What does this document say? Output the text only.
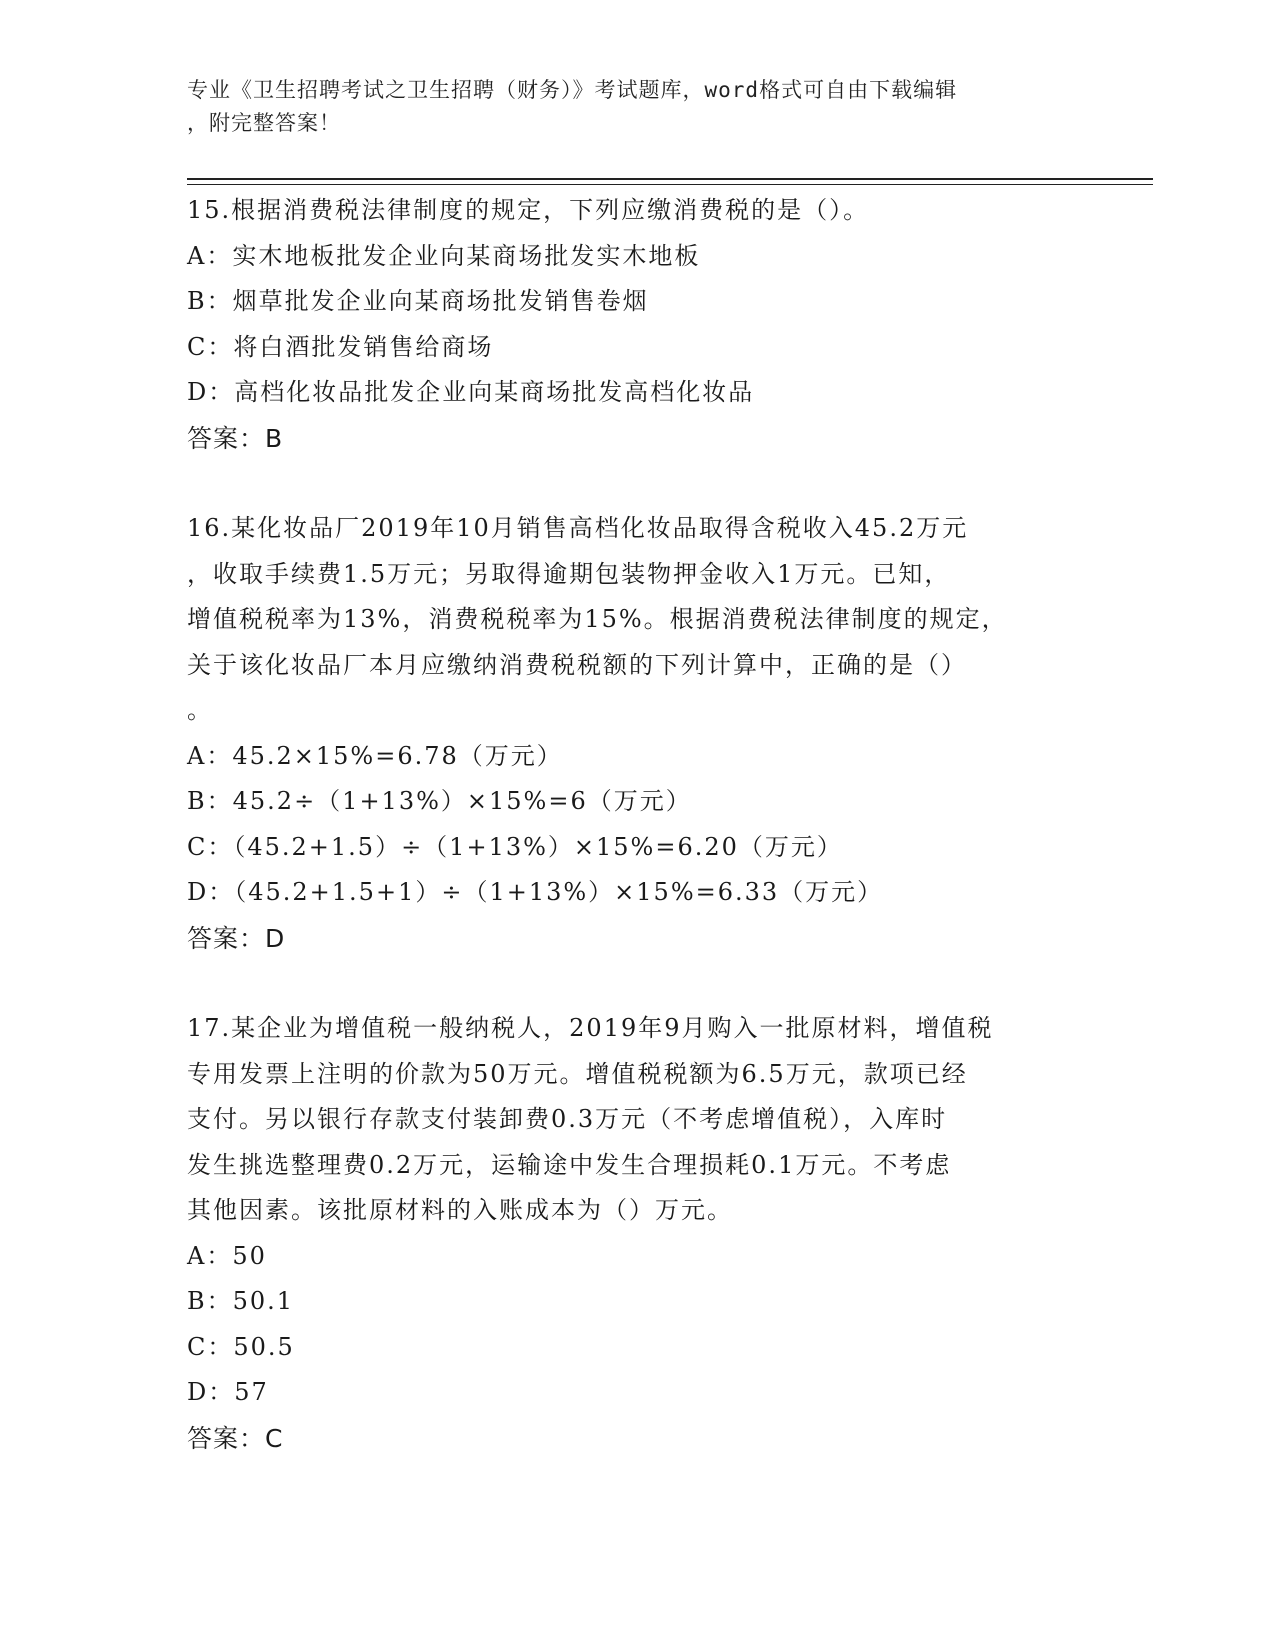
专业《卫生招聘考试之卫生招聘（财务）》考试题库，word格式可自由下载编辑
，附完整答案！
15.根据消费税法律制度的规定，下列应缴消费税的是（）。
A：实木地板批发企业向某商场批发实木地板
B：烟草批发企业向某商场批发销售卷烟
C：将白酒批发销售给商场
D：高档化妆品批发企业向某商场批发高档化妆品
答案：B
16.某化妆品厂2019年10月销售高档化妆品取得含税收入45.2万元
，收取手续费1.5万元；另取得逾期包装物押金收入1万元。已知，
增值税税率为13%，消费税税率为15%。根据消费税法律制度的规定，
关于该化妆品厂本月应缴纳消费税税额的下列计算中，正确的是（）
。
A：45.2×15%=6.78（万元）
B：45.2÷（1+13%）×15%=6（万元）
C：（45.2+1.5）÷（1+13%）×15%=6.20（万元）
D：（45.2+1.5+1）÷（1+13%）×15%=6.33（万元）
答案：D
17.某企业为增值税一般纳税人，2019年9月购入一批原材料，增值税
专用发票上注明的价款为50万元。增值税税额为6.5万元，款项已经
支付。另以银行存款支付装卸费0.3万元（不考虑增值税），入库时
发生挑选整理费0.2万元，运输途中发生合理损耗0.1万元。不考虑
其他因素。该批原材料的入账成本为（）万元。
A：50
B：50.1
C：50.5
D：57
答案：C
